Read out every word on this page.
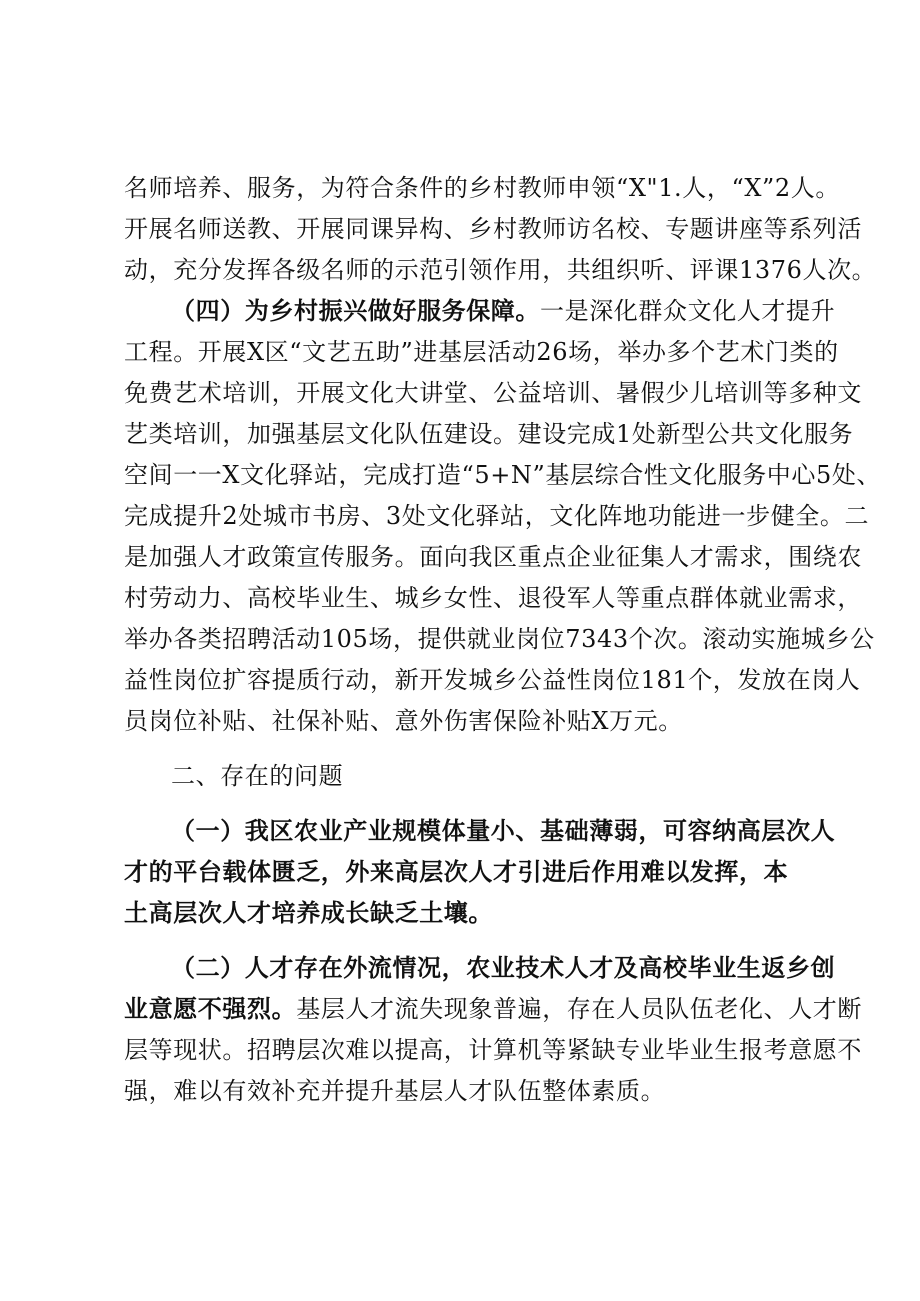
名师培养、服务，为符合条件的乡村教师申领“X"1.人，“X”2人。
开展名师送教、开展同课异构、乡村教师访名校、专题讲座等系列活
动，充分发挥各级名师的示范引领作用，共组织听、评课1376人次。
（四）为乡村振兴做好服务保障。一是深化群众文化人才提升
工程。开展X区“文艺五助”进基层活动26场，举办多个艺术门类的
免费艺术培训，开展文化大讲堂、公益培训、暑假少儿培训等多种文
艺类培训，加强基层文化队伍建设。建设完成1处新型公共文化服务
空间一一X文化驿站，完成打造“5+N”基层综合性文化服务中心5处、
完成提升2处城市书房、3处文化驿站，文化阵地功能进一步健全。二
是加强人才政策宣传服务。面向我区重点企业征集人才需求，围绕农
村劳动力、高校毕业生、城乡女性、退役军人等重点群体就业需求，
举办各类招聘活动105场，提供就业岗位7343个次。滚动实施城乡公
益性岗位扩容提质行动，新开发城乡公益性岗位181个，发放在岗人
员岗位补贴、社保补贴、意外伤害保险补贴X万元。
二、存在的问题
（一）我区农业产业规模体量小、基础薄弱，可容纳高层次人
才的平台载体匮乏，外来高层次人才引进后作用难以发挥，本
土高层次人才培养成长缺乏土壤。
（二）人才存在外流情况，农业技术人才及高校毕业生返乡创
业意愿不强烈。基层人才流失现象普遍，存在人员队伍老化、人才断
层等现状。招聘层次难以提高，计算机等紧缺专业毕业生报考意愿不
强，难以有效补充并提升基层人才队伍整体素质。
